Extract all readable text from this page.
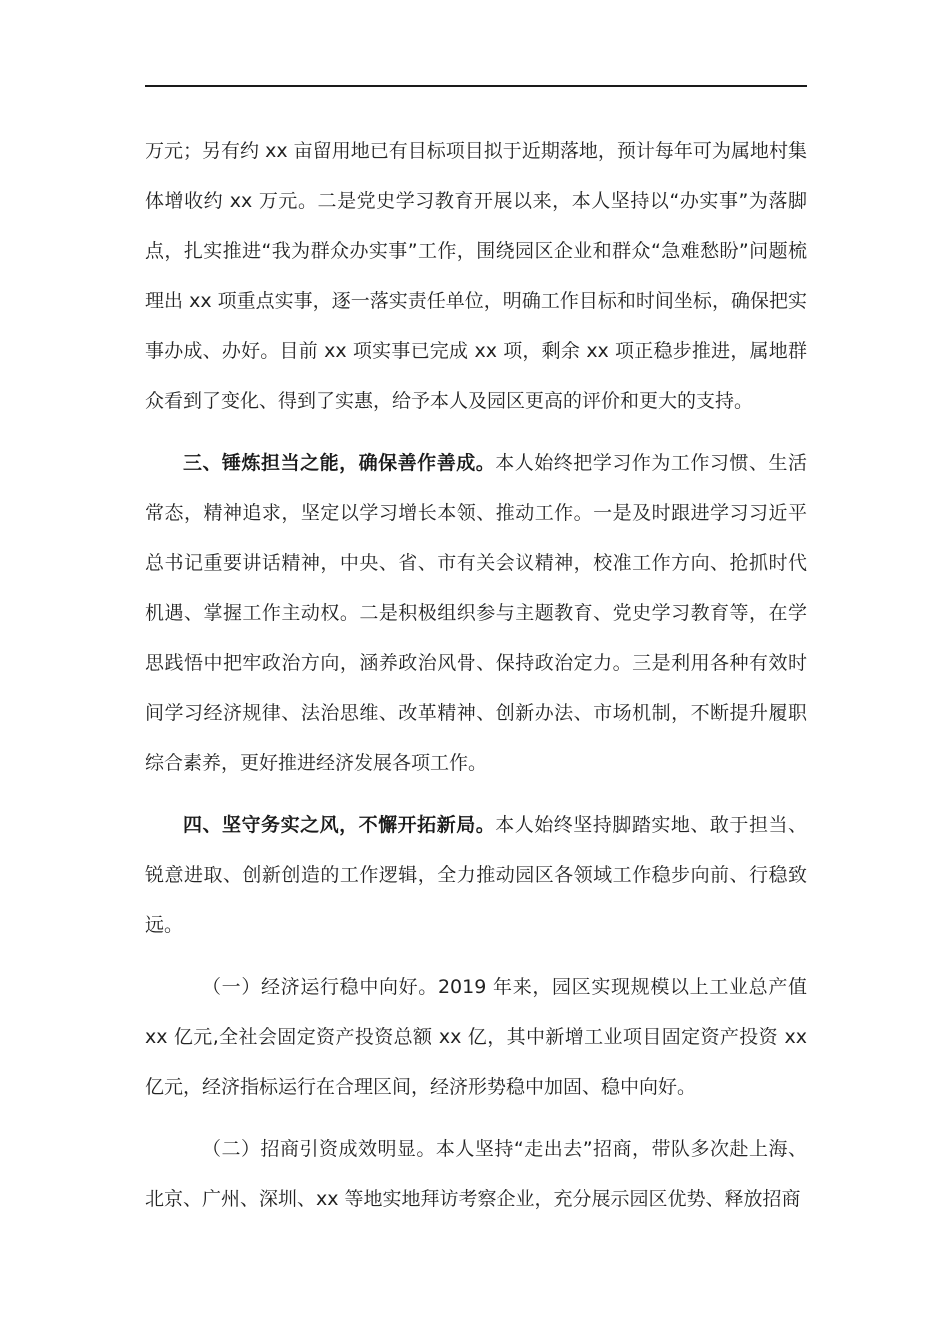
万元；另有约 xx 亩留用地已有目标项目拟于近期落地，预计每年可为属地村集体增收约 xx 万元。二是党史学习教育开展以来，本人坚持以“办实事”为落脚点，扎实推进“我为群众办实事”工作，围绕园区企业和群众“急难愁盼”问题梳理出 xx 项重点实事，逐一落实责任单位，明确工作目标和时间坐标，确保把实事办成、办好。目前 xx 项实事已完成 xx 项，剩余 xx 项正稳步推进，属地群众看到了变化、得到了实惠，给予本人及园区更高的评价和更大的支持。

三、锤炼担当之能，确保善作善成。本人始终把学习作为工作习惯、生活常态，精神追求，坚定以学习增长本领、推动工作。一是及时跟进学习习近平总书记重要讲话精神，中央、省、市有关会议精神，校准工作方向、抢抓时代机遇、掌握工作主动权。二是积极组织参与主题教育、党史学习教育等，在学思践悟中把牢政治方向，涵养政治风骨、保持政治定力。三是利用各种有效时间学习经济规律、法治思维、改革精神、创新办法、市场机制，不断提升履职综合素养，更好推进经济发展各项工作。

四、坚守务实之风，不懈开拓新局。本人始终坚持脚踏实地、敢于担当、锐意进取、创新创造的工作逻辑，全力推动园区各领域工作稳步向前、行稳致远。

（一）经济运行稳中向好。2019 年来，园区实现规模以上工业总产值 xx 亿元,全社会固定资产投资总额 xx 亿，其中新增工业项目固定资产投资 xx 亿元，经济指标运行在合理区间，经济形势稳中加固、稳中向好。

（二）招商引资成效明显。本人坚持“走出去”招商，带队多次赴上海、北京、广州、深圳、xx 等地实地拜访考察企业，充分展示园区优势、释放招商
